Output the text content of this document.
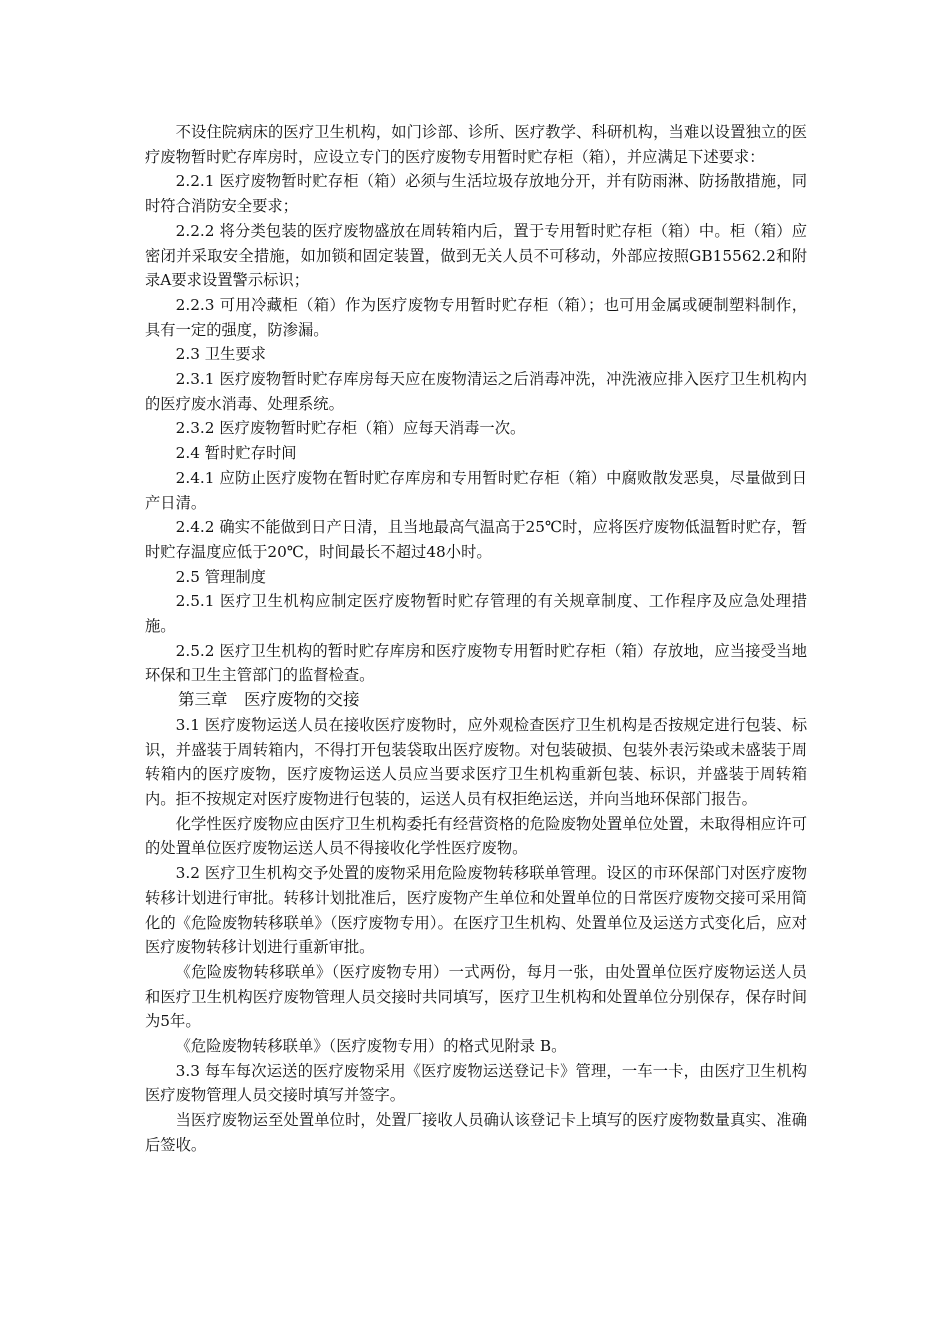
不设住院病床的医疗卫生机构，如门诊部、诊所、医疗教学、科研机构，当难以设置独立的医疗废物暂时贮存库房时，应设立专门的医疗废物专用暂时贮存柜（箱），并应满足下述要求：

2.2.1 医疗废物暂时贮存柜（箱）必须与生活垃圾存放地分开，并有防雨淋、防扬散措施，同时符合消防安全要求；

2.2.2 将分类包装的医疗废物盛放在周转箱内后，置于专用暂时贮存柜（箱）中。柜（箱）应密闭并采取安全措施，如加锁和固定装置，做到无关人员不可移动，外部应按照GB15562.2和附录A要求设置警示标识；

2.2.3 可用冷藏柜（箱）作为医疗废物专用暂时贮存柜（箱）；也可用金属或硬制塑料制作，具有一定的强度，防渗漏。

2.3 卫生要求

2.3.1 医疗废物暂时贮存库房每天应在废物清运之后消毒冲洗，冲洗液应排入医疗卫生机构内的医疗废水消毒、处理系统。

2.3.2 医疗废物暂时贮存柜（箱）应每天消毒一次。

2.4 暂时贮存时间

2.4.1 应防止医疗废物在暂时贮存库房和专用暂时贮存柜（箱）中腐败散发恶臭，尽量做到日产日清。

2.4.2 确实不能做到日产日清，且当地最高气温高于25℃时，应将医疗废物低温暂时贮存，暂时贮存温度应低于20℃，时间最长不超过48小时。

2.5 管理制度

2.5.1 医疗卫生机构应制定医疗废物暂时贮存管理的有关规章制度、工作程序及应急处理措施。

2.5.2 医疗卫生机构的暂时贮存库房和医疗废物专用暂时贮存柜（箱）存放地，应当接受当地环保和卫生主管部门的监督检查。

第三章 医疗废物的交接

3.1 医疗废物运送人员在接收医疗废物时，应外观检查医疗卫生机构是否按规定进行包装、标识，并盛装于周转箱内，不得打开包装袋取出医疗废物。对包装破损、包装外表污染或未盛装于周转箱内的医疗废物，医疗废物运送人员应当要求医疗卫生机构重新包装、标识，并盛装于周转箱内。拒不按规定对医疗废物进行包装的，运送人员有权拒绝运送，并向当地环保部门报告。

化学性医疗废物应由医疗卫生机构委托有经营资格的危险废物处置单位处置，未取得相应许可的处置单位医疗废物运送人员不得接收化学性医疗废物。

3.2 医疗卫生机构交予处置的废物采用危险废物转移联单管理。设区的市环保部门对医疗废物转移计划进行审批。转移计划批准后，医疗废物产生单位和处置单位的日常医疗废物交接可采用简化的《危险废物转移联单》（医疗废物专用）。在医疗卫生机构、处置单位及运送方式变化后，应对医疗废物转移计划进行重新审批。

《危险废物转移联单》（医疗废物专用）一式两份，每月一张，由处置单位医疗废物运送人员和医疗卫生机构医疗废物管理人员交接时共同填写，医疗卫生机构和处置单位分别保存，保存时间为5年。

《危险废物转移联单》（医疗废物专用）的格式见附录 B。

3.3 每车每次运送的医疗废物采用《医疗废物运送登记卡》管理，一车一卡，由医疗卫生机构医疗废物管理人员交接时填写并签字。

当医疗废物运至处置单位时，处置厂接收人员确认该登记卡上填写的医疗废物数量真实、准确后签收。
